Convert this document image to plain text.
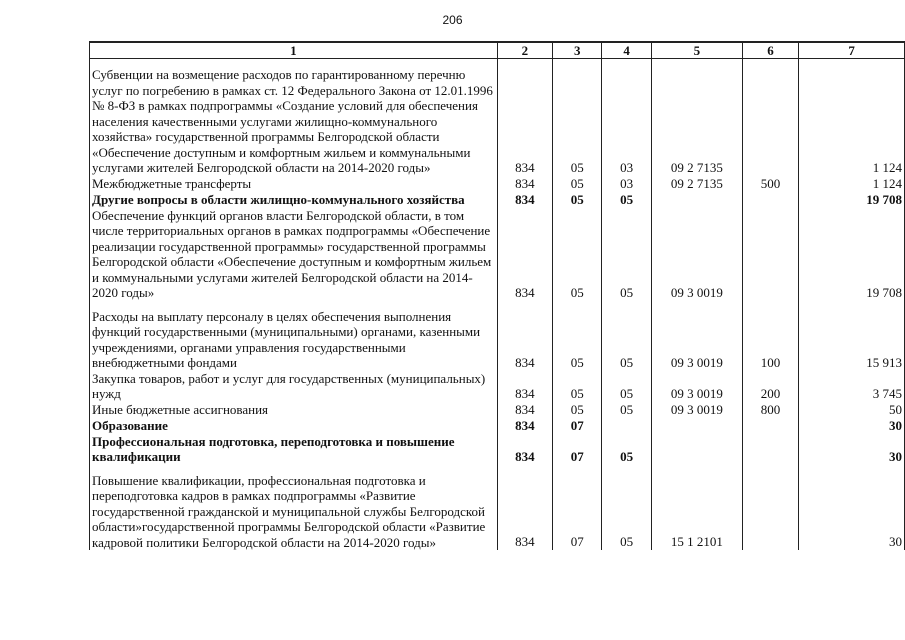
206
1	2	3	4	5	6	7

Субвенции на возмещение расходов по гарантированному перечню услуг по погребению в рамках ст. 12 Федерального Закона от 12.01.1996 № 8-ФЗ в рамках подпрограммы «Создание условий для обеспечения населения качественными услугами жилищно-коммунального хозяйства» государственной программы Белгородской области «Обеспечение доступным и комфортным жильем и коммунальными услугами жителей Белгородской области на 2014-2020 годы»	834	05	03	09 2 7135		1 124
Межбюджетные трансферты	834	05	03	09 2 7135	500	1 124
Другие вопросы в области жилищно-коммунального хозяйства	834	05	05			19 708
Обеспечение функций органов власти Белгородской области, в том числе территориальных органов в рамках подпрограммы «Обеспечение реализации государственной программы» государственной программы Белгородской области «Обеспечение доступным и комфортным жильем и коммунальными услугами жителей Белгородской области на 2014-2020 годы»	834	05	05	09 3 0019		19 708

Расходы на выплату персоналу в целях обеспечения выполнения функций государственными (муниципальными) органами, казенными учреждениями, органами управления государственными внебюджетными фондами	834	05	05	09 3 0019	100	15 913
Закупка товаров, работ и услуг для государственных (муниципальных) нужд	834	05	05	09 3 0019	200	3 745
Иные бюджетные ассигнования	834	05	05	09 3 0019	800	50
Образование	834	07				30
Профессиональная подготовка, переподготовка и повышение квалификации	834	07	05			30

Повышение квалификации, профессиональная подготовка и переподготовка кадров в рамках подпрограммы «Развитие государственной гражданской и муниципальной службы Белгородской области»государственной программы Белгородской области «Развитие кадровой политики Белгородской области на 2014-2020 годы»	834	07	05	15 1 2101		30
